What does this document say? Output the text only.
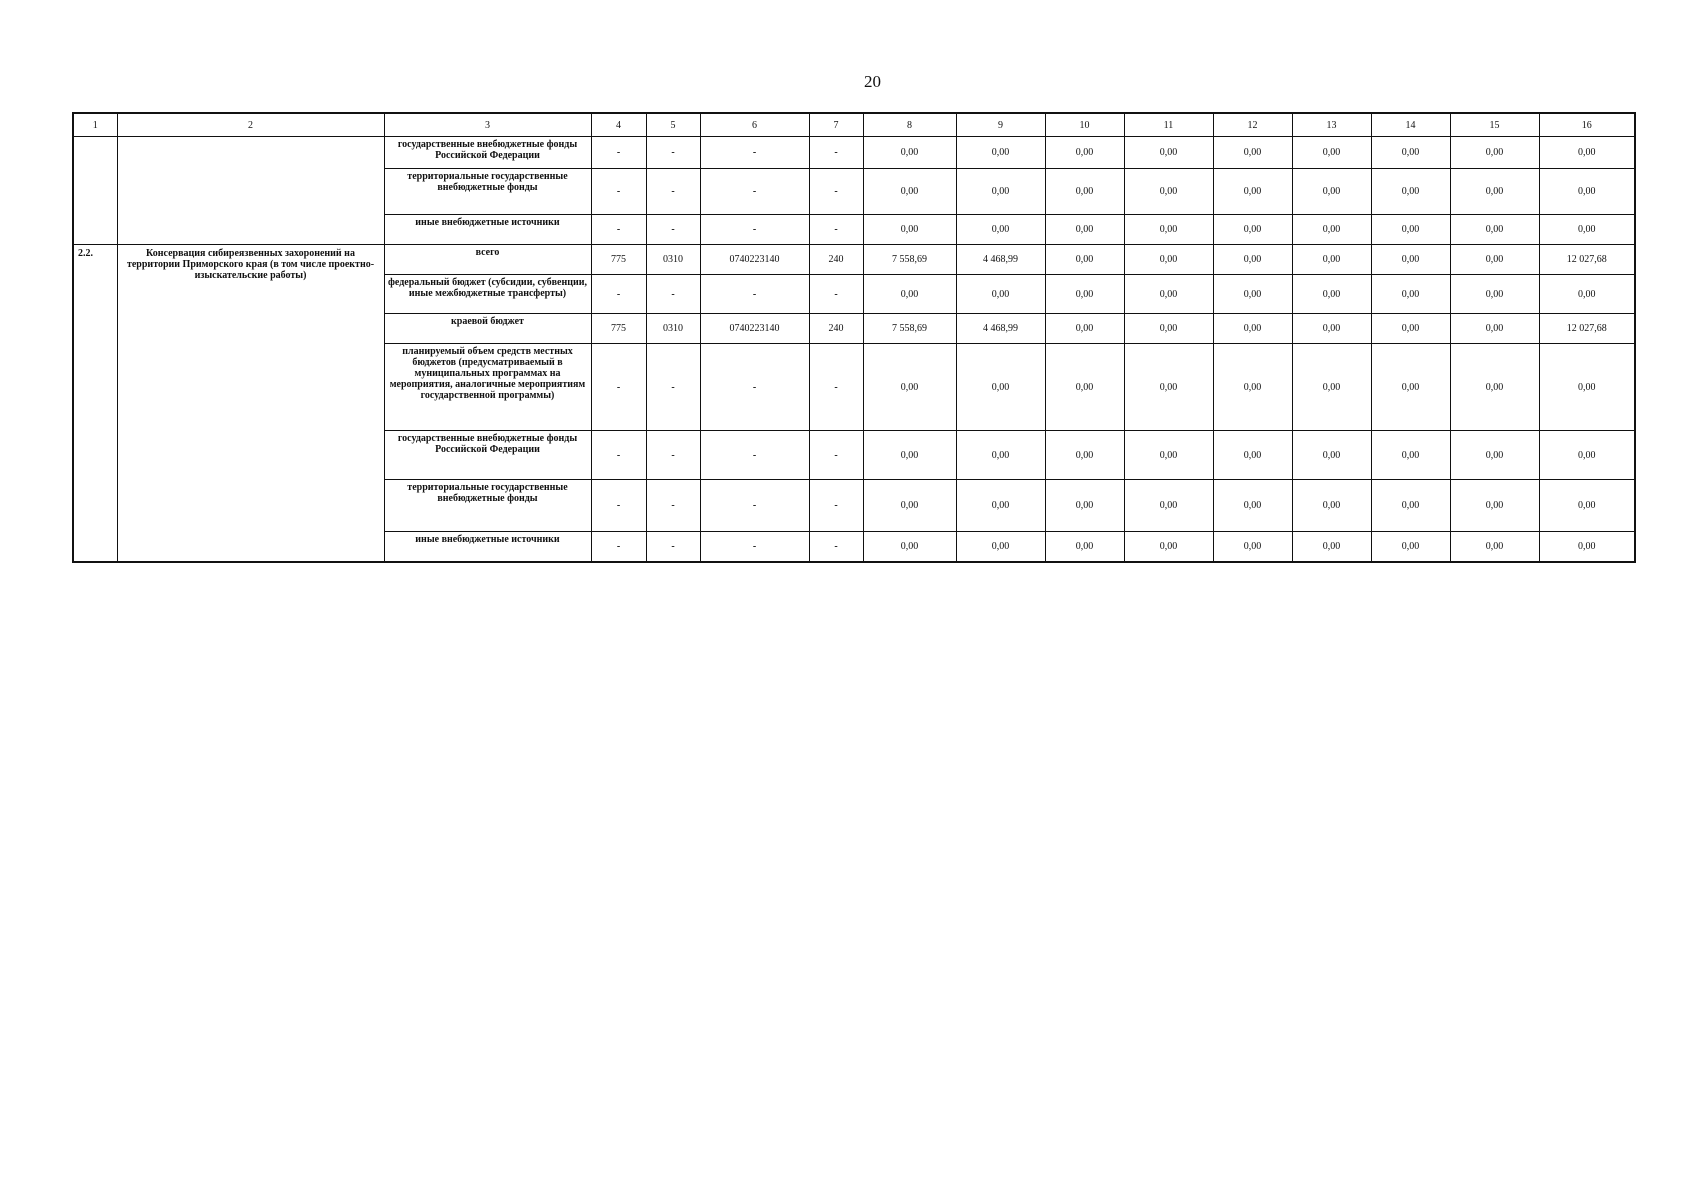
20
1	2	3	4	5	6	7	8	9	10	11	12	13	14	15	16
		государственные внебюджетные фонды Российской Федерации	-	-	-	-	0,00	0,00	0,00	0,00	0,00	0,00	0,00	0,00	0,00
		территориальные государственные внебюджетные фонды	-	-	-	-	0,00	0,00	0,00	0,00	0,00	0,00	0,00	0,00	0,00
		иные внебюджетные источники	-	-	-	-	0,00	0,00	0,00	0,00	0,00	0,00	0,00	0,00	0,00
2.2.	Консервация сибиреязвенных захоронений на территории Приморского края (в том числе проектно-изыскательские работы)	всего	775	0310	0740223140	240	7 558,69	4 468,99	0,00	0,00	0,00	0,00	0,00	0,00	12 027,68
		федеральный бюджет (субсидии, субвенции, иные межбюджетные трансферты)	-	-	-	-	0,00	0,00	0,00	0,00	0,00	0,00	0,00	0,00	0,00
		краевой бюджет	775	0310	0740223140	240	7 558,69	4 468,99	0,00	0,00	0,00	0,00	0,00	0,00	12 027,68
		планируемый объем средств местных бюджетов (предусматриваемый в муниципальных программах на мероприятия, аналогичные мероприятиям государственной программы)	-	-	-	-	0,00	0,00	0,00	0,00	0,00	0,00	0,00	0,00	0,00
		государственные внебюджетные фонды Российской Федерации	-	-	-	-	0,00	0,00	0,00	0,00	0,00	0,00	0,00	0,00	0,00
		территориальные государственные внебюджетные фонды	-	-	-	-	0,00	0,00	0,00	0,00	0,00	0,00	0,00	0,00	0,00
		иные внебюджетные источники	-	-	-	-	0,00	0,00	0,00	0,00	0,00	0,00	0,00	0,00	0,00
